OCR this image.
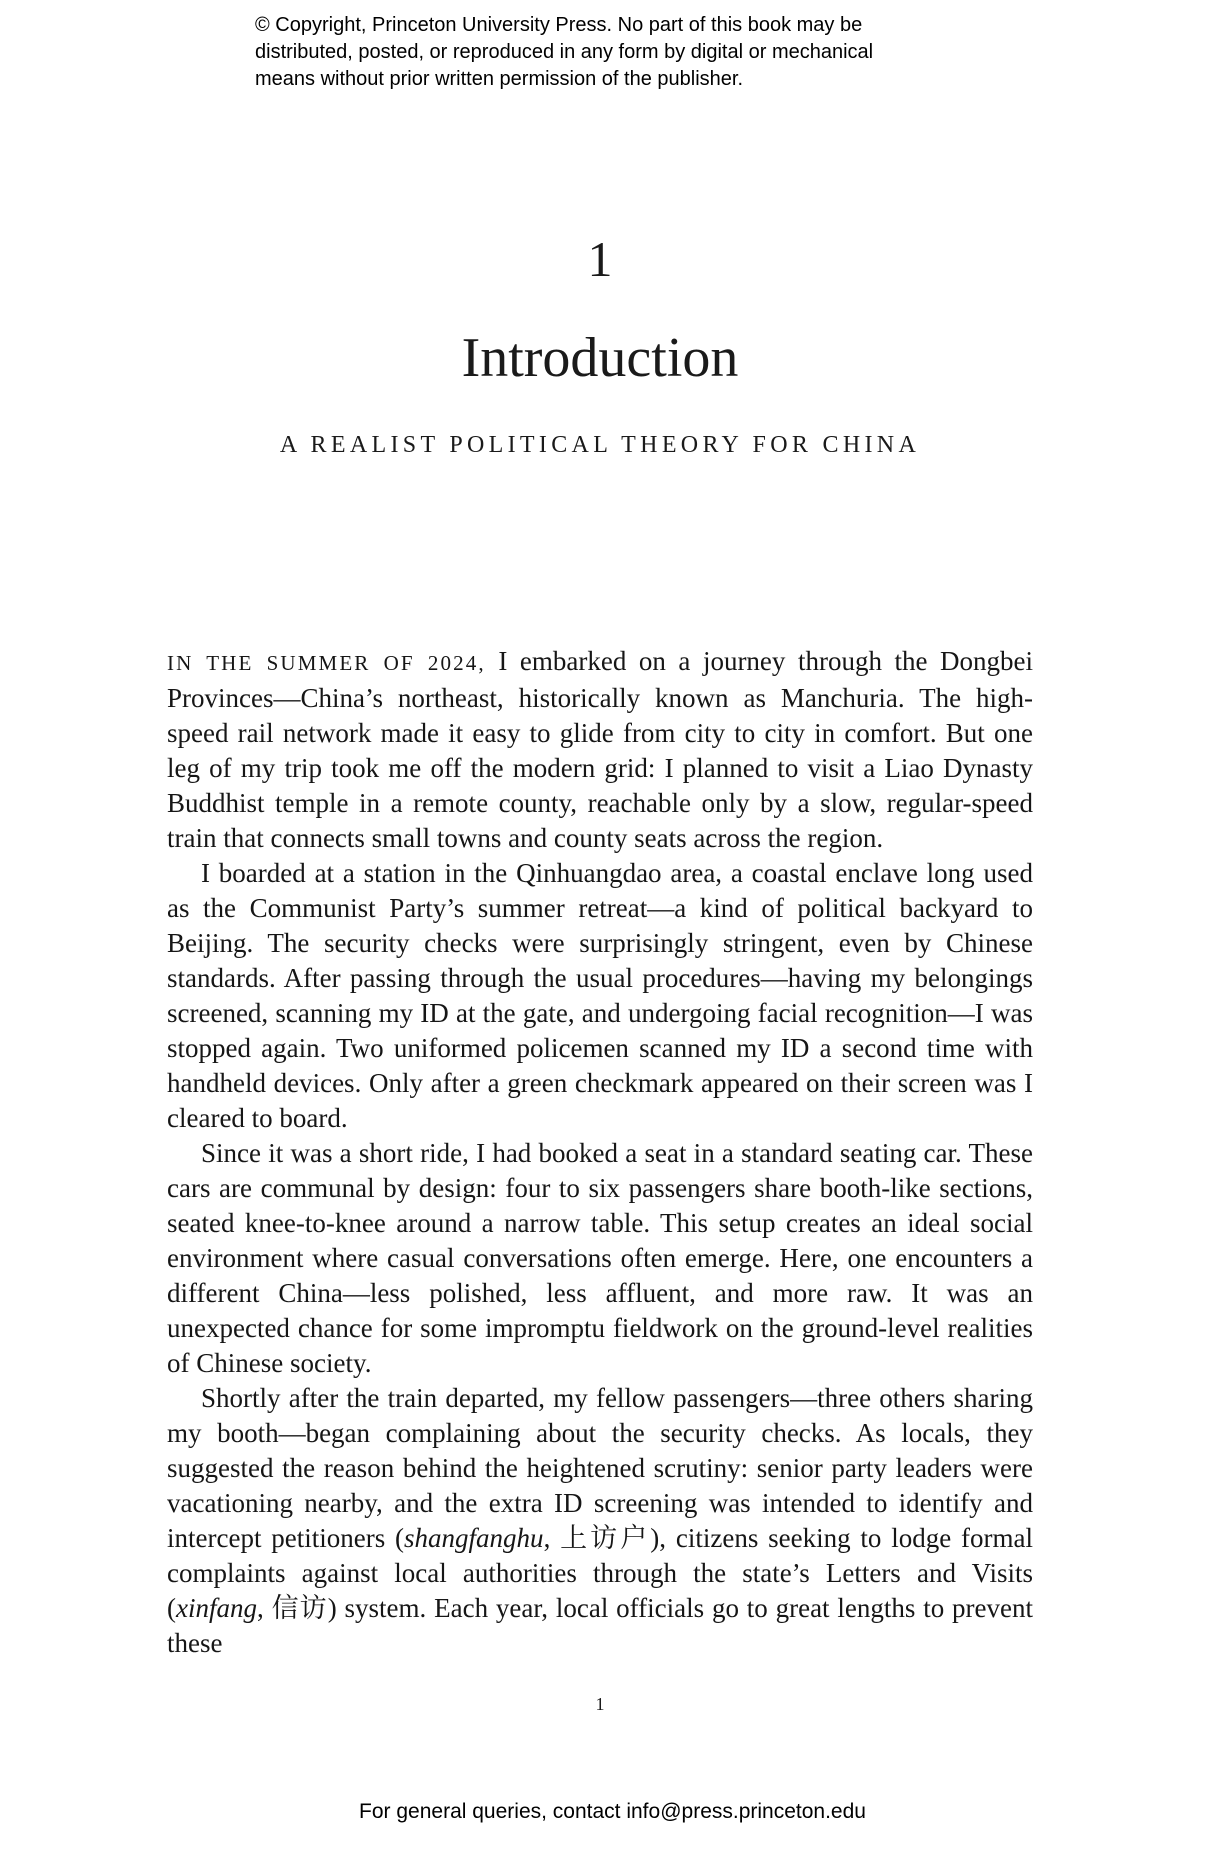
© Copyright, Princeton University Press. No part of this book may be
distributed, posted, or reproduced in any form by digital or mechanical
means without prior written permission of the publisher.
1
Introduction
A REALIST POLITICAL THEORY FOR CHINA

IN THE SUMMER OF 2024, I embarked on a journey through the Dongbei Provinces—China’s northeast, historically known as Manchuria. The high-speed rail network made it easy to glide from city to city in comfort. But one leg of my trip took me off the modern grid: I planned to visit a Liao Dynasty Buddhist temple in a remote county, reachable only by a slow, regular-speed train that connects small towns and county seats across the region.

I boarded at a station in the Qinhuangdao area, a coastal enclave long used as the Communist Party’s summer retreat—a kind of political backyard to Beijing. The security checks were surprisingly stringent, even by Chinese standards. After passing through the usual procedures—having my belongings screened, scanning my ID at the gate, and undergoing facial recognition—I was stopped again. Two uniformed policemen scanned my ID a second time with handheld devices. Only after a green checkmark appeared on their screen was I cleared to board.

Since it was a short ride, I had booked a seat in a standard seating car. These cars are communal by design: four to six passengers share booth-like sections, seated knee-to-knee around a narrow table. This setup creates an ideal social environment where casual conversations often emerge. Here, one encounters a different China—less polished, less affluent, and more raw. It was an unexpected chance for some impromptu fieldwork on the ground-level realities of Chinese society.

Shortly after the train departed, my fellow passengers—three others sharing my booth—began complaining about the security checks. As locals, they suggested the reason behind the heightened scrutiny: senior party leaders were vacationing nearby, and the extra ID screening was intended to identify and intercept petitioners (shangfanghu, 上访户), citizens seeking to lodge formal complaints against local authorities through the state’s Letters and Visits (xinfang, 信访) system. Each year, local officials go to great lengths to prevent these

1
For general queries, contact info@press.princeton.edu
